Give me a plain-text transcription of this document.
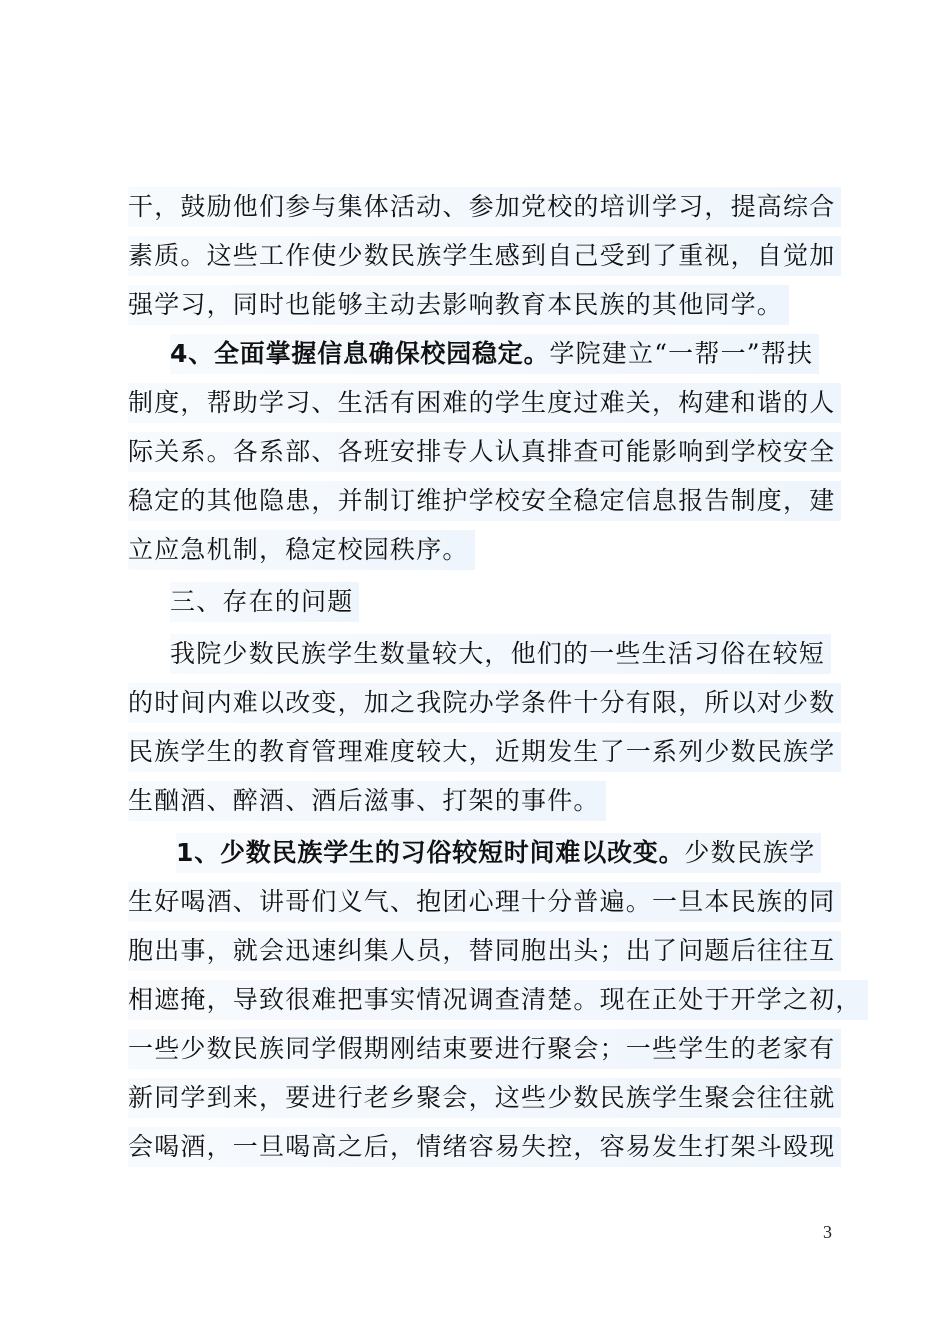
干，鼓励他们参与集体活动、参加党校的培训学习，提高综合
素质。这些工作使少数民族学生感到自己受到了重视，自觉加
强学习，同时也能够主动去影响教育本民族的其他同学。
4、全面掌握信息确保校园稳定。学院建立“一帮一”帮扶
制度，帮助学习、生活有困难的学生度过难关，构建和谐的人
际关系。各系部、各班安排专人认真排查可能影响到学校安全
稳定的其他隐患，并制订维护学校安全稳定信息报告制度，建
立应急机制，稳定校园秩序。
三、存在的问题
我院少数民族学生数量较大，他们的一些生活习俗在较短
的时间内难以改变，加之我院办学条件十分有限，所以对少数
民族学生的教育管理难度较大，近期发生了一系列少数民族学
生酗酒、醉酒、酒后滋事、打架的事件。
1、少数民族学生的习俗较短时间难以改变。少数民族学
生好喝酒、讲哥们义气、抱团心理十分普遍。一旦本民族的同
胞出事，就会迅速纠集人员，替同胞出头；出了问题后往往互
相遮掩，导致很难把事实情况调查清楚。现在正处于开学之初，
一些少数民族同学假期刚结束要进行聚会；一些学生的老家有
新同学到来，要进行老乡聚会，这些少数民族学生聚会往往就
会喝酒，一旦喝高之后，情绪容易失控，容易发生打架斗殴现
3
